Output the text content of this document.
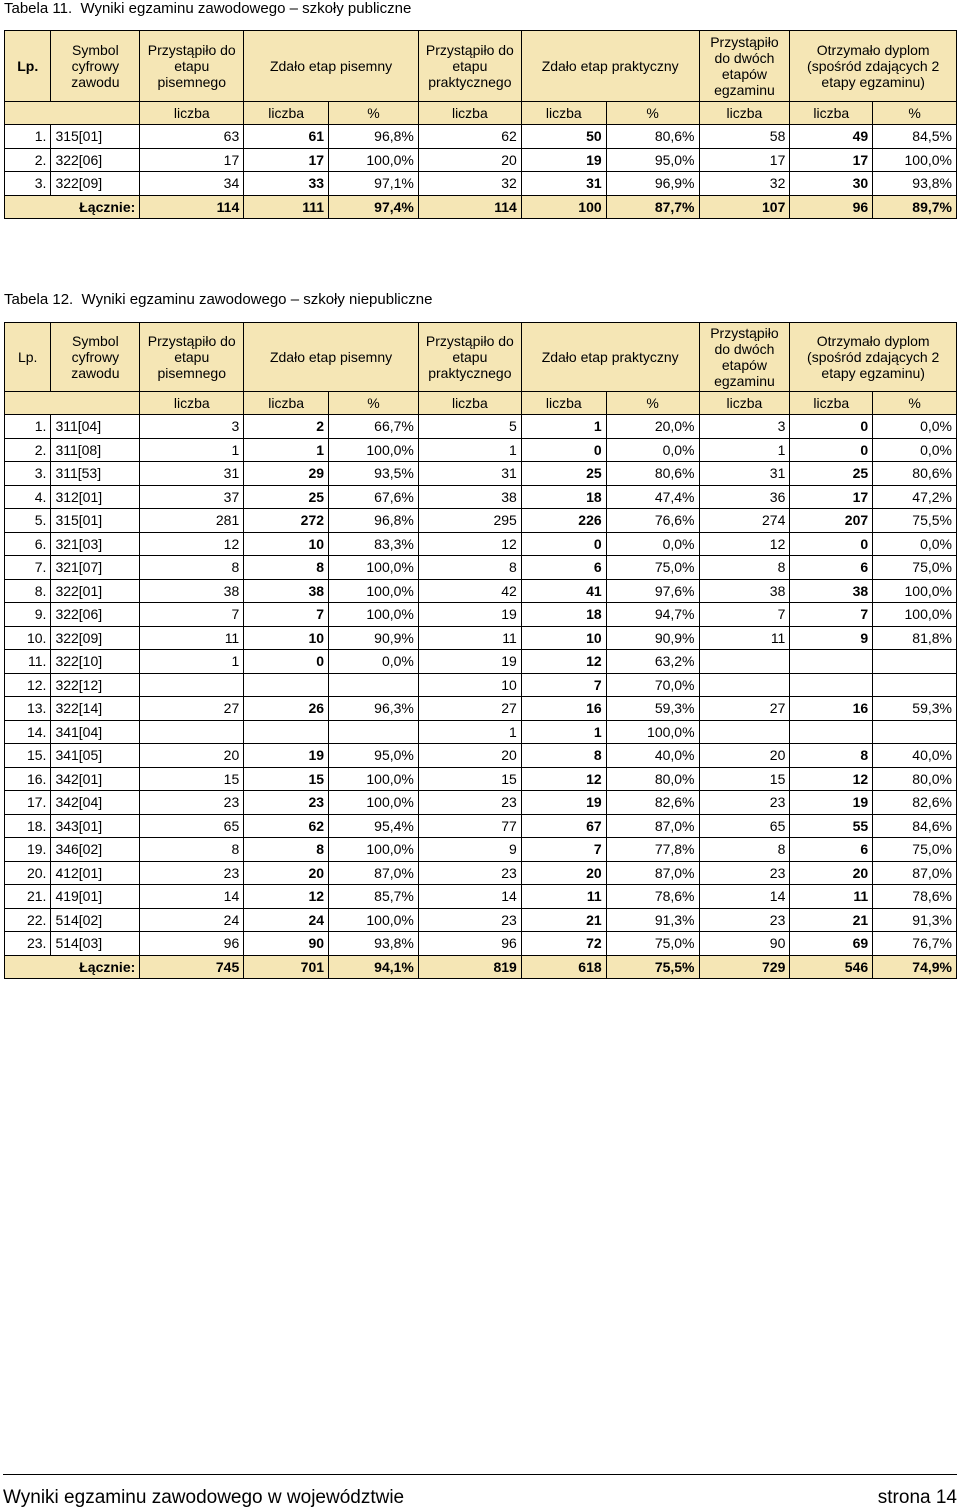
Tabela 11.  Wyniki egzaminu zawodowego – szkoły publiczne
Lp.	Symbol cyfrowy zawodu	Przystąpiło do etapu pisemnego	Zdało etap pisemny		Przystąpiło do etapu praktycznego	Zdało etap praktyczny		Przystąpiło do dwóch etapów egzaminu	Otrzymało dyplom
(spośród zdających 2 etapy egzaminu)	

		liczba	liczba	%	liczba	liczba	%	liczba	liczba	%
1.	315[01]	63	61	96,8%	62	50	80,6%	58	49	84,5%
2.	322[06]	17	17	100,0%	20	19	95,0%	17	17	100,0%
3.	322[09]	34	33	97,1%	32	31	96,9%	32	30	93,8%
Łącznie:		114	111	97,4%	114	100	87,7%	107	96	89,7%
Tabela 12.  Wyniki egzaminu zawodowego – szkoły niepubliczne
Lp.	Symbol cyfrowy zawodu	Przystąpiło do etapu pisemnego	Zdało etap pisemny		Przystąpiło do etapu praktycznego	Zdało etap praktyczny		Przystąpiło do dwóch etapów egzaminu	Otrzymało dyplom
(spośród zdających 2 etapy egzaminu)	

		liczba	liczba	%	liczba	liczba	%	liczba	liczba	%
1.	311[04]	3	2	66,7%	5	1	20,0%	3	0	0,0%
2.	311[08]	1	1	100,0%	1	0	0,0%	1	0	0,0%
3.	311[53]	31	29	93,5%	31	25	80,6%	31	25	80,6%
4.	312[01]	37	25	67,6%	38	18	47,4%	36	17	47,2%
5.	315[01]	281	272	96,8%	295	226	76,6%	274	207	75,5%
6.	321[03]	12	10	83,3%	12	0	0,0%	12	0	0,0%
7.	321[07]	8	8	100,0%	8	6	75,0%	8	6	75,0%
8.	322[01]	38	38	100,0%	42	41	97,6%	38	38	100,0%
9.	322[06]	7	7	100,0%	19	18	94,7%	7	7	100,0%
10.	322[09]	11	10	90,9%	11	10	90,9%	11	9	81,8%
11.	322[10]	1	0	0,0%	19	12	63,2%			
12.	322[12]				10	7	70,0%			
13.	322[14]	27	26	96,3%	27	16	59,3%	27	16	59,3%
14.	341[04]				1	1	100,0%			
15.	341[05]	20	19	95,0%	20	8	40,0%	20	8	40,0%
16.	342[01]	15	15	100,0%	15	12	80,0%	15	12	80,0%
17.	342[04]	23	23	100,0%	23	19	82,6%	23	19	82,6%
18.	343[01]	65	62	95,4%	77	67	87,0%	65	55	84,6%
19.	346[02]	8	8	100,0%	9	7	77,8%	8	6	75,0%
20.	412[01]	23	20	87,0%	23	20	87,0%	23	20	87,0%
21.	419[01]	14	12	85,7%	14	11	78,6%	14	11	78,6%
22.	514[02]	24	24	100,0%	23	21	91,3%	23	21	91,3%
23.	514[03]	96	90	93,8%	96	72	75,0%	90	69	76,7%
Łącznie:		745	701	94,1%	819	618	75,5%	729	546	74,9%
Wyniki egzaminu zawodowego w województwie	strona 14
